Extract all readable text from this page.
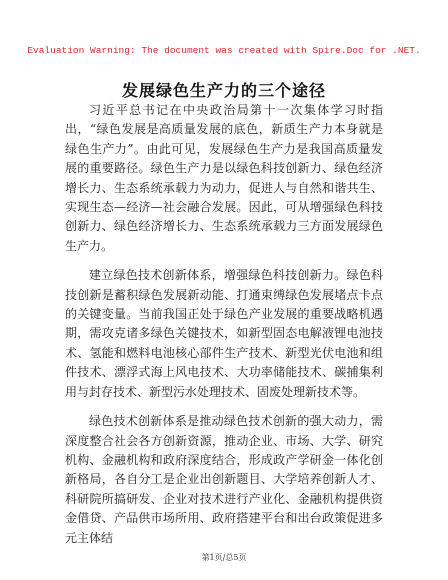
Evaluation Warning: The document was created with Spire.Doc for .NET.
发展绿色生产力的三个途径

习近平总书记在中央政治局第十一次集体学习时指出，“绿色发展是高质量发展的底色，新质生产力本身就是绿色生产力”。由此可见，发展绿色生产力是我国高质量发展的重要路径。绿色生产力是以绿色科技创新力、绿色经济增长力、生态系统承载力为动力，促进人与自然和谐共生、实现生态—经济—社会融合发展。因此，可从增强绿色科技创新力、绿色经济增长力、生态系统承载力三方面发展绿色生产力。

建立绿色技术创新体系，增强绿色科技创新力。绿色科技创新是蓄积绿色发展新动能、打通束缚绿色发展堵点卡点的关键变量。当前我国正处于绿色产业发展的重要战略机遇期，需攻克诸多绿色关键技术，如新型固态电解液锂电池技术、氢能和燃料电池核心部件生产技术、新型光伏电池和组件技术、漂浮式海上风电技术、大功率储能技术、碳捕集利用与封存技术、新型污水处理技术、固废处理新技术等。

绿色技术创新体系是推动绿色技术创新的强大动力，需深度整合社会各方创新资源，推动企业、市场、大学、研究机构、金融机构和政府深度结合，形成政产学研金一体化创新格局，各自分工是企业出创新题目、大学培养创新人才、科研院所搞研发、企业对技术进行产业化、金融机构提供资金借贷、产品供市场所用、政府搭建平台和出台政策促进多元主体结

第1页/总5页
